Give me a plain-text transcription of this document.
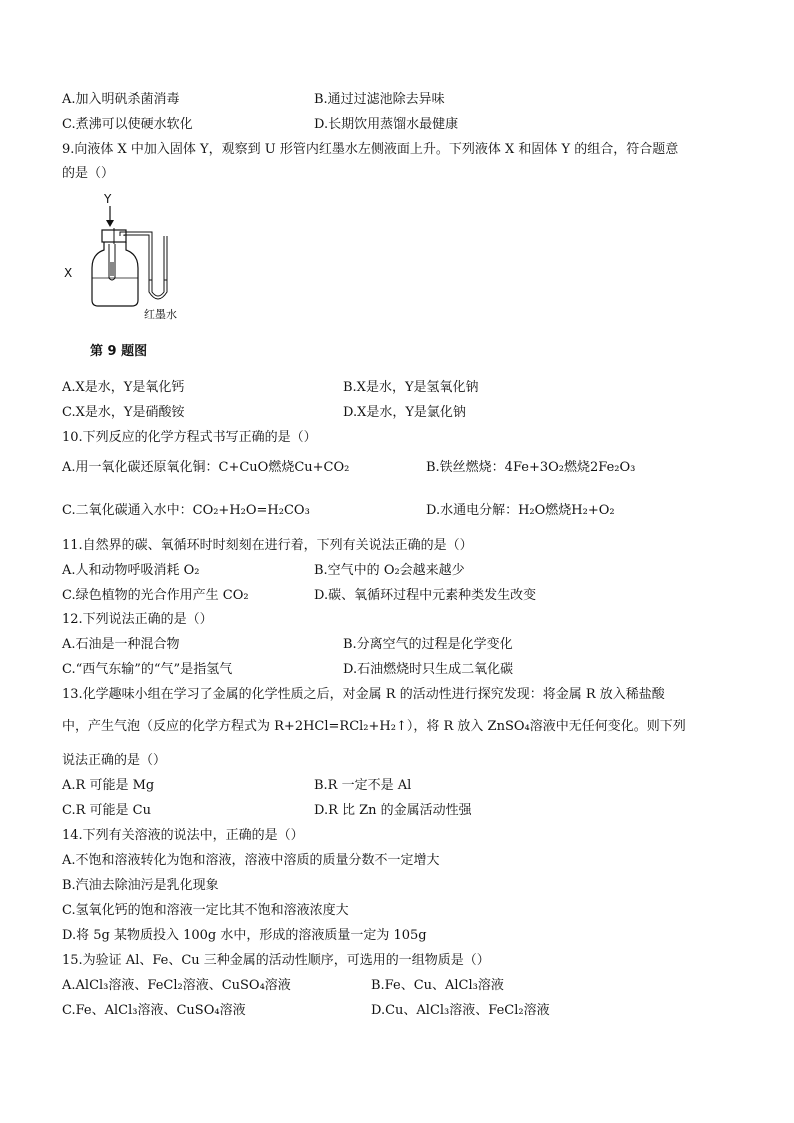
A.加入明矾杀菌消毒	B.通过过滤池除去异味
C.煮沸可以使硬水软化	D.长期饮用蒸馏水最健康
9.向液体 X 中加入固体 Y，观察到 U 形管内红墨水左侧液面上升。下列液体 X 和固体 Y 的组合，符合题意
的是（）
Y
X
红墨水
第 9 题图
A.X是水，Y是氧化钙	B.X是水，Y是氢氧化钠
C.X是水，Y是硝酸铵	D.X是水，Y是氯化钠
10.下列反应的化学方程式书写正确的是（）
A.用一氧化碳还原氧化铜：C+CuO燃烧Cu+CO₂	B.铁丝燃烧：4Fe+3O₂燃烧2Fe₂O₃
C.二氧化碳通入水中：CO₂+H₂O=H₂CO₃	D.水通电分解：H₂O燃烧H₂+O₂
11.自然界的碳、氧循环时时刻刻在进行着，下列有关说法正确的是（）
A.人和动物呼吸消耗 O₂	B.空气中的 O₂会越来越少
C.绿色植物的光合作用产生 CO₂	D.碳、氧循环过程中元素种类发生改变
12.下列说法正确的是（）
A.石油是一种混合物	B.分离空气的过程是化学变化
C.“西气东输”的“气”是指氢气	D.石油燃烧时只生成二氧化碳
13.化学趣味小组在学习了金属的化学性质之后，对金属 R 的活动性进行探究发现：将金属 R 放入稀盐酸
中，产生气泡（反应的化学方程式为 R+2HCl=RCl₂+H₂↑），将 R 放入 ZnSO₄溶液中无任何变化。则下列
说法正确的是（）
A.R 可能是 Mg	B.R 一定不是 Al
C.R 可能是 Cu	D.R 比 Zn 的金属活动性强
14.下列有关溶液的说法中，正确的是（）
A.不饱和溶液转化为饱和溶液，溶液中溶质的质量分数不一定增大
B.汽油去除油污是乳化现象
C.氢氧化钙的饱和溶液一定比其不饱和溶液浓度大
D.将 5g 某物质投入 100g 水中，形成的溶液质量一定为 105g
15.为验证 Al、Fe、Cu 三种金属的活动性顺序，可选用的一组物质是（）
A.AlCl₃溶液、FeCl₂溶液、CuSO₄溶液	B.Fe、Cu、AlCl₃溶液
C.Fe、AlCl₃溶液、CuSO₄溶液	D.Cu、AlCl₃溶液、FeCl₂溶液
